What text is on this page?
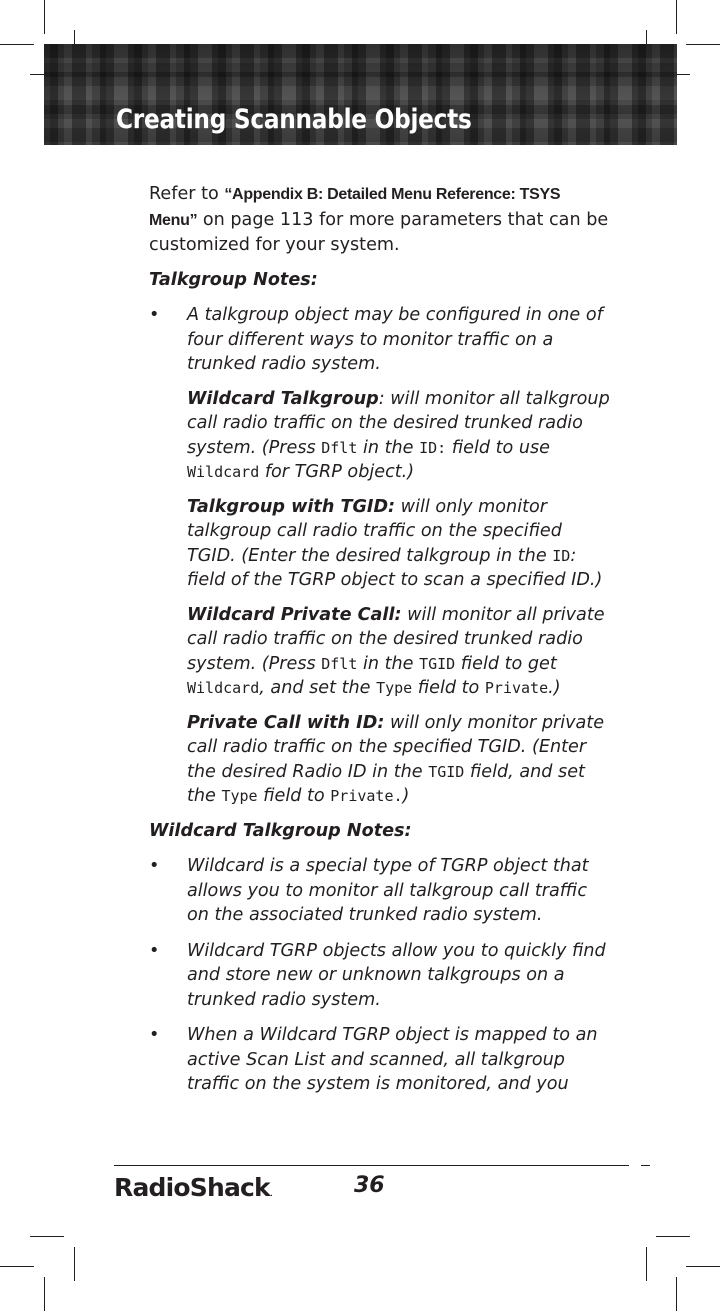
Creating Scannable Objects

Refer to “Appendix B: Detailed Menu Reference: TSYS
Menu” on page 113 for more parameters that can be customized for your system.

Talkgroup Notes:

• A talkgroup object may be configured in one of four different ways to monitor traffic on a trunked radio system.

Wildcard Talkgroup: will monitor all talkgroup call radio traffic on the desired trunked radio system. (Press Dflt in the ID: field to use Wildcard for TGRP object.)

Talkgroup with TGID: will only monitor talkgroup call radio traffic on the specified TGID. (Enter the desired talkgroup in the ID: field of the TGRP object to scan a specified ID.)

Wildcard Private Call: will monitor all private call radio traffic on the desired trunked radio system. (Press Dflt in the TGID field to get Wildcard, and set the Type field to Private.)

Private Call with ID: will only monitor private call radio traffic on the specified TGID. (Enter the desired Radio ID in the TGID field, and set the Type field to Private.)

Wildcard Talkgroup Notes:

• Wildcard is a special type of TGRP object that allows you to monitor all talkgroup call traffic on the associated trunked radio system.

• Wildcard TGRP objects allow you to quickly find and store new or unknown talkgroups on a trunked radio system.

• When a Wildcard TGRP object is mapped to an active Scan List and scanned, all talkgroup traffic on the system is monitored, and you

RadioShack.	36
